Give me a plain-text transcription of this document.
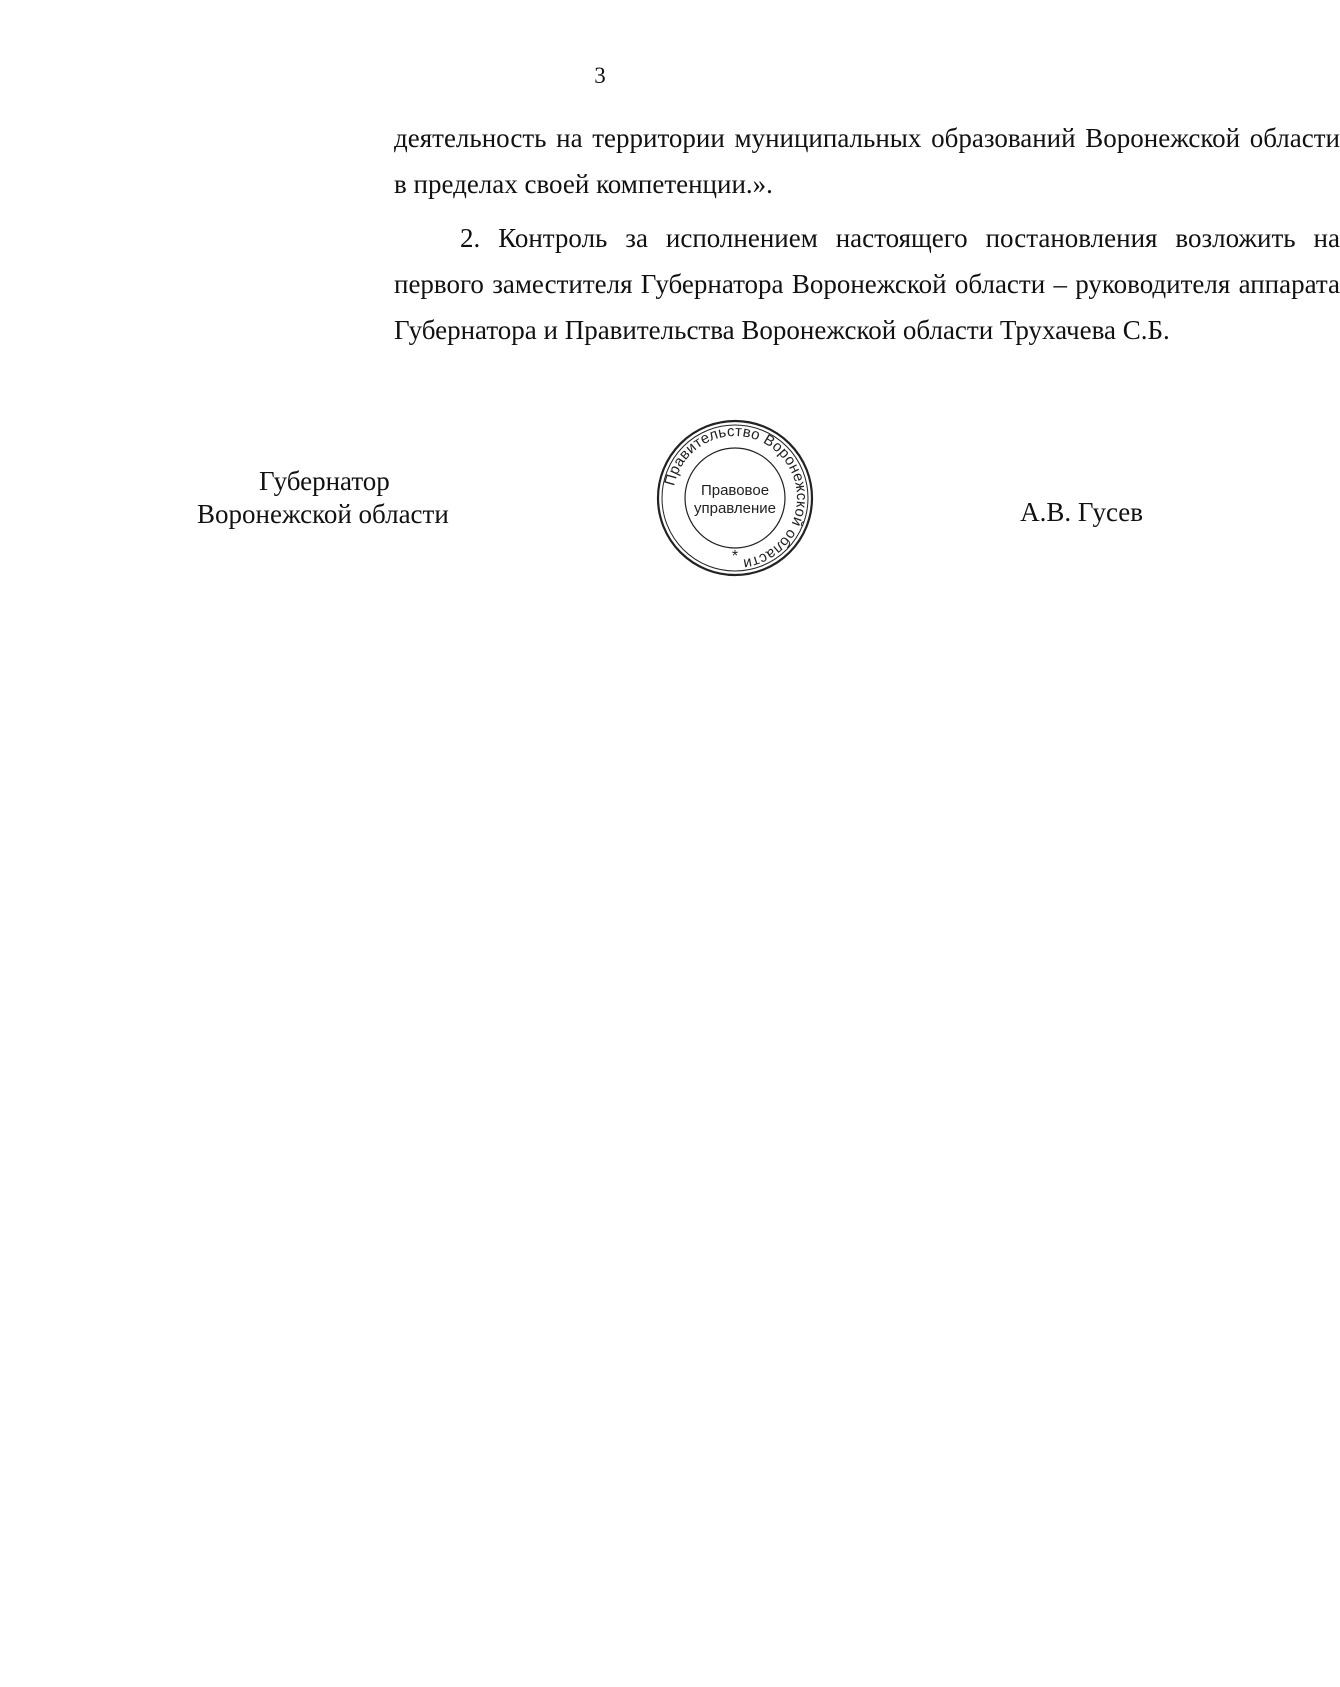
3

деятельность на территории муниципальных образований Воронежской области в пределах своей компетенции.».

2. Контроль за исполнением настоящего постановления возложить на первого заместителя Губернатора Воронежской области – руководителя аппарата Губернатора и Правительства Воронежской области Трухачева С.Б.

Губернатор
Воронежской области
Правительство Воронежской области
Правовое
управление
*
А.В. Гусев
